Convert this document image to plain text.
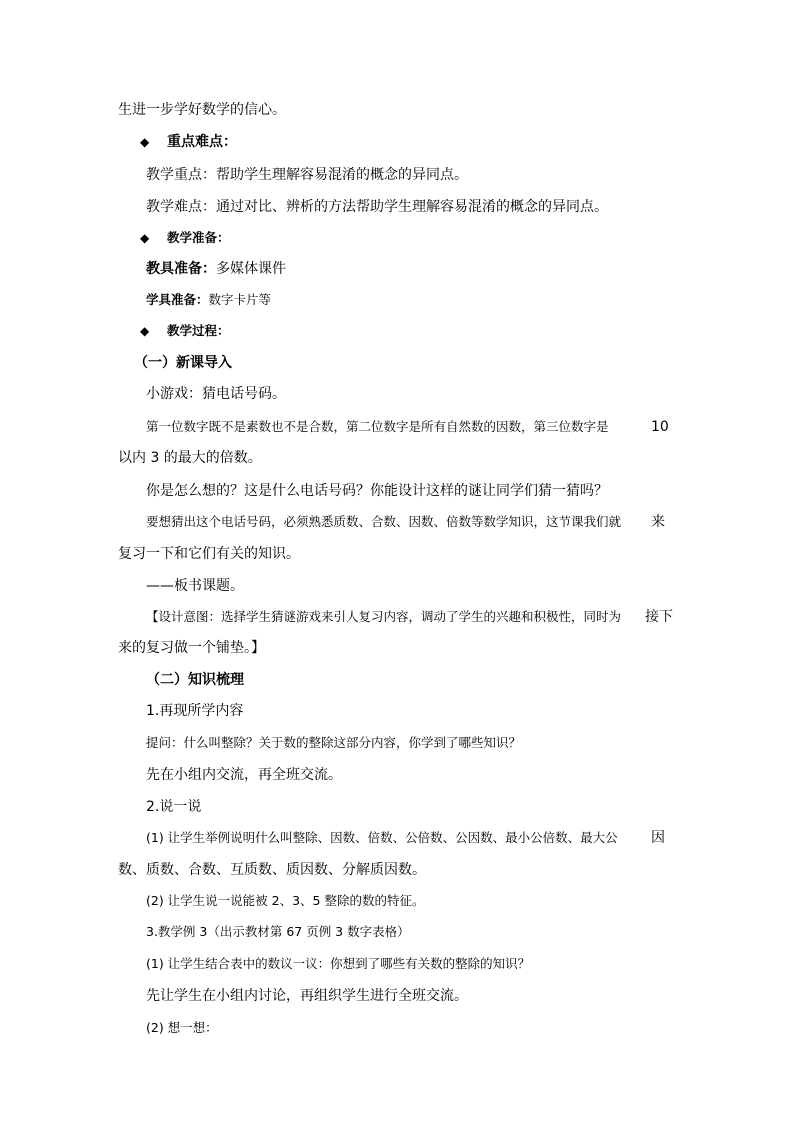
生进一步学好数学的信心。
◆ 重点难点：
教学重点：帮助学生理解容易混淆的概念的异同点。
教学难点：通过对比、辨析的方法帮助学生理解容易混淆的概念的异同点。
◆ 教学准备：
教具准备：多媒体课件
学具准备：数字卡片等
◆ 教学过程：
（一）新课导入
小游戏：猜电话号码。
第一位数字既不是素数也不是合数，第二位数字是所有自然数的因数，第三位数字是	10
以内 3 的最大的倍数。
你是怎么想的？这是什么电话号码？你能设计这样的谜让同学们猜一猜吗？
要想猜出这个电话号码，必须熟悉质数、合数、因数、倍数等数学知识，这节课我们就 来
复习一下和它们有关的知识。
——板书课题。
【设计意图：选择学生猜谜游戏来引人复习内容，调动了学生的兴趣和积极性，同时为 接下
来的复习做一个铺垫。】
（二）知识梳理
1.再现所学内容
提问：什么叫整除？关于数的整除这部分内容，你学到了哪些知识？
先在小组内交流，再全班交流。
2.说一说
(1) 让学生举例说明什么叫整除、因数、倍数、公倍数、公因数、最小公倍数、最大公 因
数、质数、合数、互质数、质因数、分解质因数。
(2) 让学生说一说能被 2、3、5 整除的数的特征。
3.教学例 3（出示教材第 67 页例 3 数字表格）
(1) 让学生结合表中的数议一议：你想到了哪些有关数的整除的知识？
先让学生在小组内讨论，再组织学生进行全班交流。
(2) 想一想：
